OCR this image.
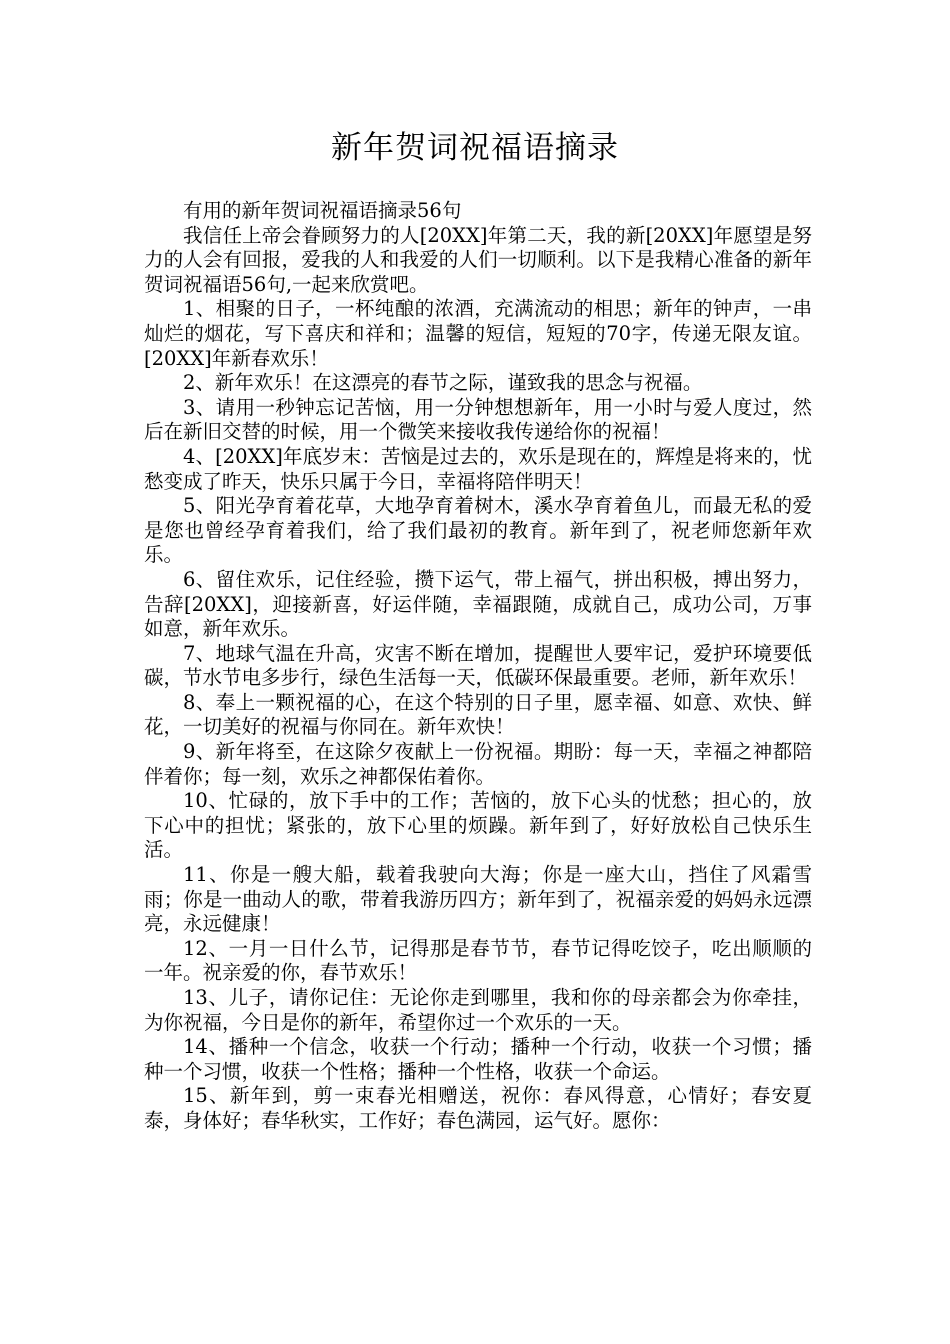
新年贺词祝福语摘录

有用的新年贺词祝福语摘录56句

我信任上帝会眷顾努力的人[20XX]年第二天，我的新[20XX]年愿望是努力的人会有回报，爱我的人和我爱的人们一切顺利。以下是我精心准备的新年贺词祝福语56句,一起来欣赏吧。

1、相聚的日子，一杯纯酿的浓酒，充满流动的相思；新年的钟声，一串灿烂的烟花，写下喜庆和祥和；温馨的短信，短短的70字，传递无限友谊。[20XX]年新春欢乐！

2、新年欢乐！在这漂亮的春节之际，谨致我的思念与祝福。

3、请用一秒钟忘记苦恼，用一分钟想想新年，用一小时与爱人度过，然后在新旧交替的时候，用一个微笑来接收我传递给你的祝福！

4、[20XX]年底岁末：苦恼是过去的，欢乐是现在的，辉煌是将来的，忧愁变成了昨天，快乐只属于今日，幸福将陪伴明天！

5、阳光孕育着花草，大地孕育着树木，溪水孕育着鱼儿，而最无私的爱是您也曾经孕育着我们，给了我们最初的教育。新年到了，祝老师您新年欢乐。

6、留住欢乐，记住经验，攒下运气，带上福气，拼出积极，搏出努力，告辞[20XX]，迎接新喜，好运伴随，幸福跟随，成就自己，成功公司，万事如意，新年欢乐。

7、地球气温在升高，灾害不断在增加，提醒世人要牢记，爱护环境要低碳，节水节电多步行，绿色生活每一天，低碳环保最重要。老师，新年欢乐！

8、奉上一颗祝福的心，在这个特别的日子里，愿幸福、如意、欢快、鲜花，一切美好的祝福与你同在。新年欢快！

9、新年将至，在这除夕夜献上一份祝福。期盼：每一天，幸福之神都陪伴着你；每一刻，欢乐之神都保佑着你。

10、忙碌的，放下手中的工作；苦恼的，放下心头的忧愁；担心的，放下心中的担忧；紧张的，放下心里的烦躁。新年到了，好好放松自己快乐生活。

11、你是一艘大船，载着我驶向大海；你是一座大山，挡住了风霜雪雨；你是一曲动人的歌，带着我游历四方；新年到了，祝福亲爱的妈妈永远漂亮，永远健康！

12、一月一日什么节，记得那是春节节，春节记得吃饺子，吃出顺顺的一年。祝亲爱的你，春节欢乐！

13、儿子，请你记住：无论你走到哪里，我和你的母亲都会为你牵挂，为你祝福，今日是你的新年，希望你过一个欢乐的一天。

14、播种一个信念，收获一个行动；播种一个行动，收获一个习惯；播种一个习惯，收获一个性格；播种一个性格，收获一个命运。

15、新年到，剪一束春光相赠送，祝你：春风得意，心情好；春安夏泰，身体好；春华秋实，工作好；春色满园，运气好。愿你：
